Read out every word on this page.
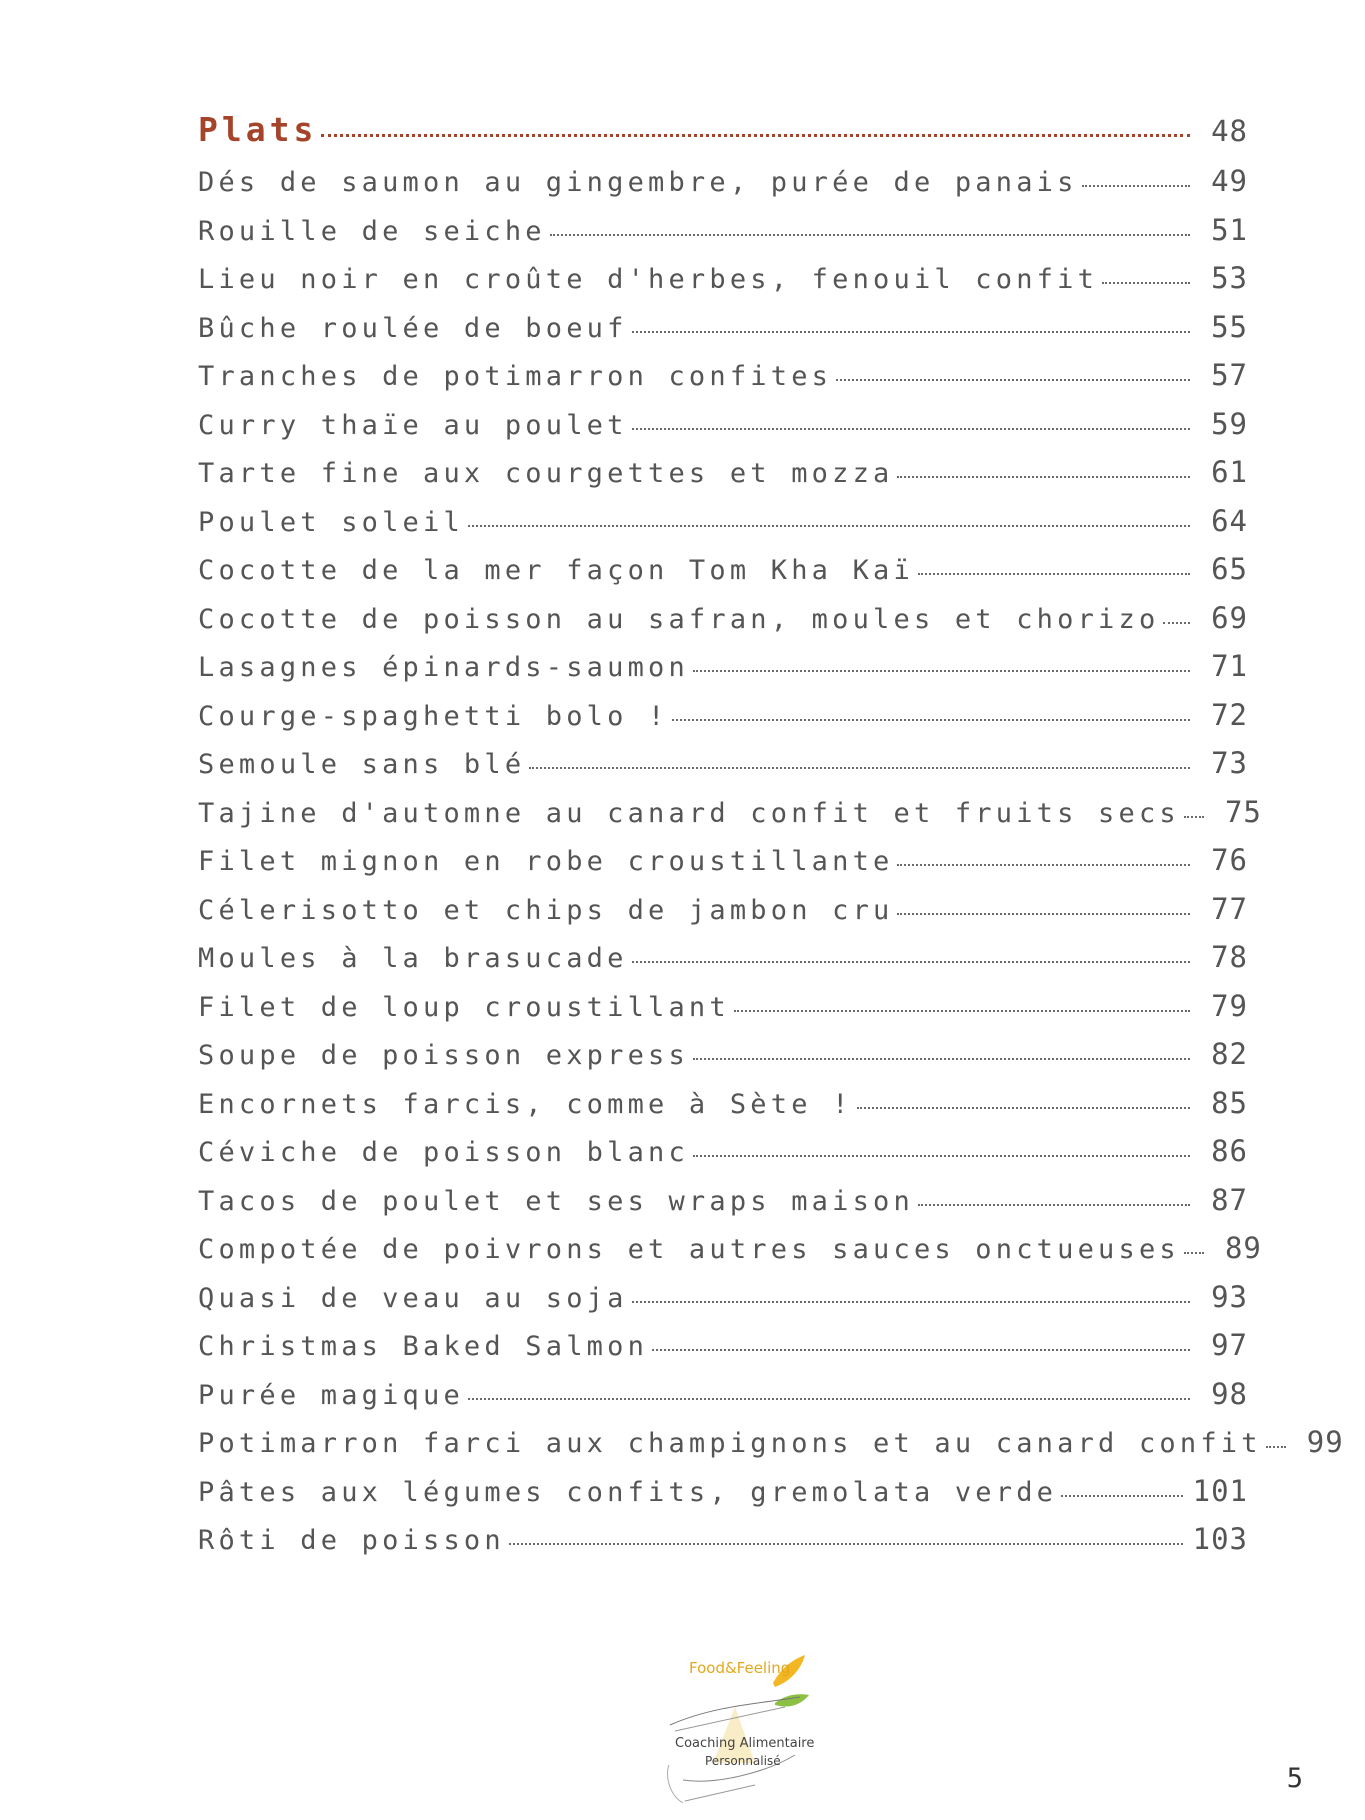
Plats	48
Dés de saumon au gingembre, purée de panais	49
Rouille de seiche	51
Lieu noir en croûte d'herbes, fenouil confit	53
Bûche roulée de boeuf	55
Tranches de potimarron confites	57
Curry thaïe au poulet	59
Tarte fine aux courgettes et mozza	61
Poulet soleil	64
Cocotte de la mer façon Tom Kha Kaï	65
Cocotte de poisson au safran, moules et chorizo	69
Lasagnes épinards-saumon	71
Courge-spaghetti bolo !	72
Semoule sans blé	73
Tajine d'automne au canard confit et fruits secs	75
Filet mignon en robe croustillante	76
Célerisotto et chips de jambon cru	77
Moules à la brasucade	78
Filet de loup croustillant	79
Soupe de poisson express	82
Encornets farcis, comme à Sète !	85
Céviche de poisson blanc	86
Tacos de poulet et ses wraps maison	87
Compotée de poivrons et autres sauces onctueuses	89
Quasi de veau au soja	93
Christmas Baked Salmon	97
Purée magique	98
Potimarron farci aux champignons et au canard confit	99
Pâtes aux légumes confits, gremolata verde	101
Rôti de poisson	103
Food&Feeling
Coaching Alimentaire
Personnalisé
5
